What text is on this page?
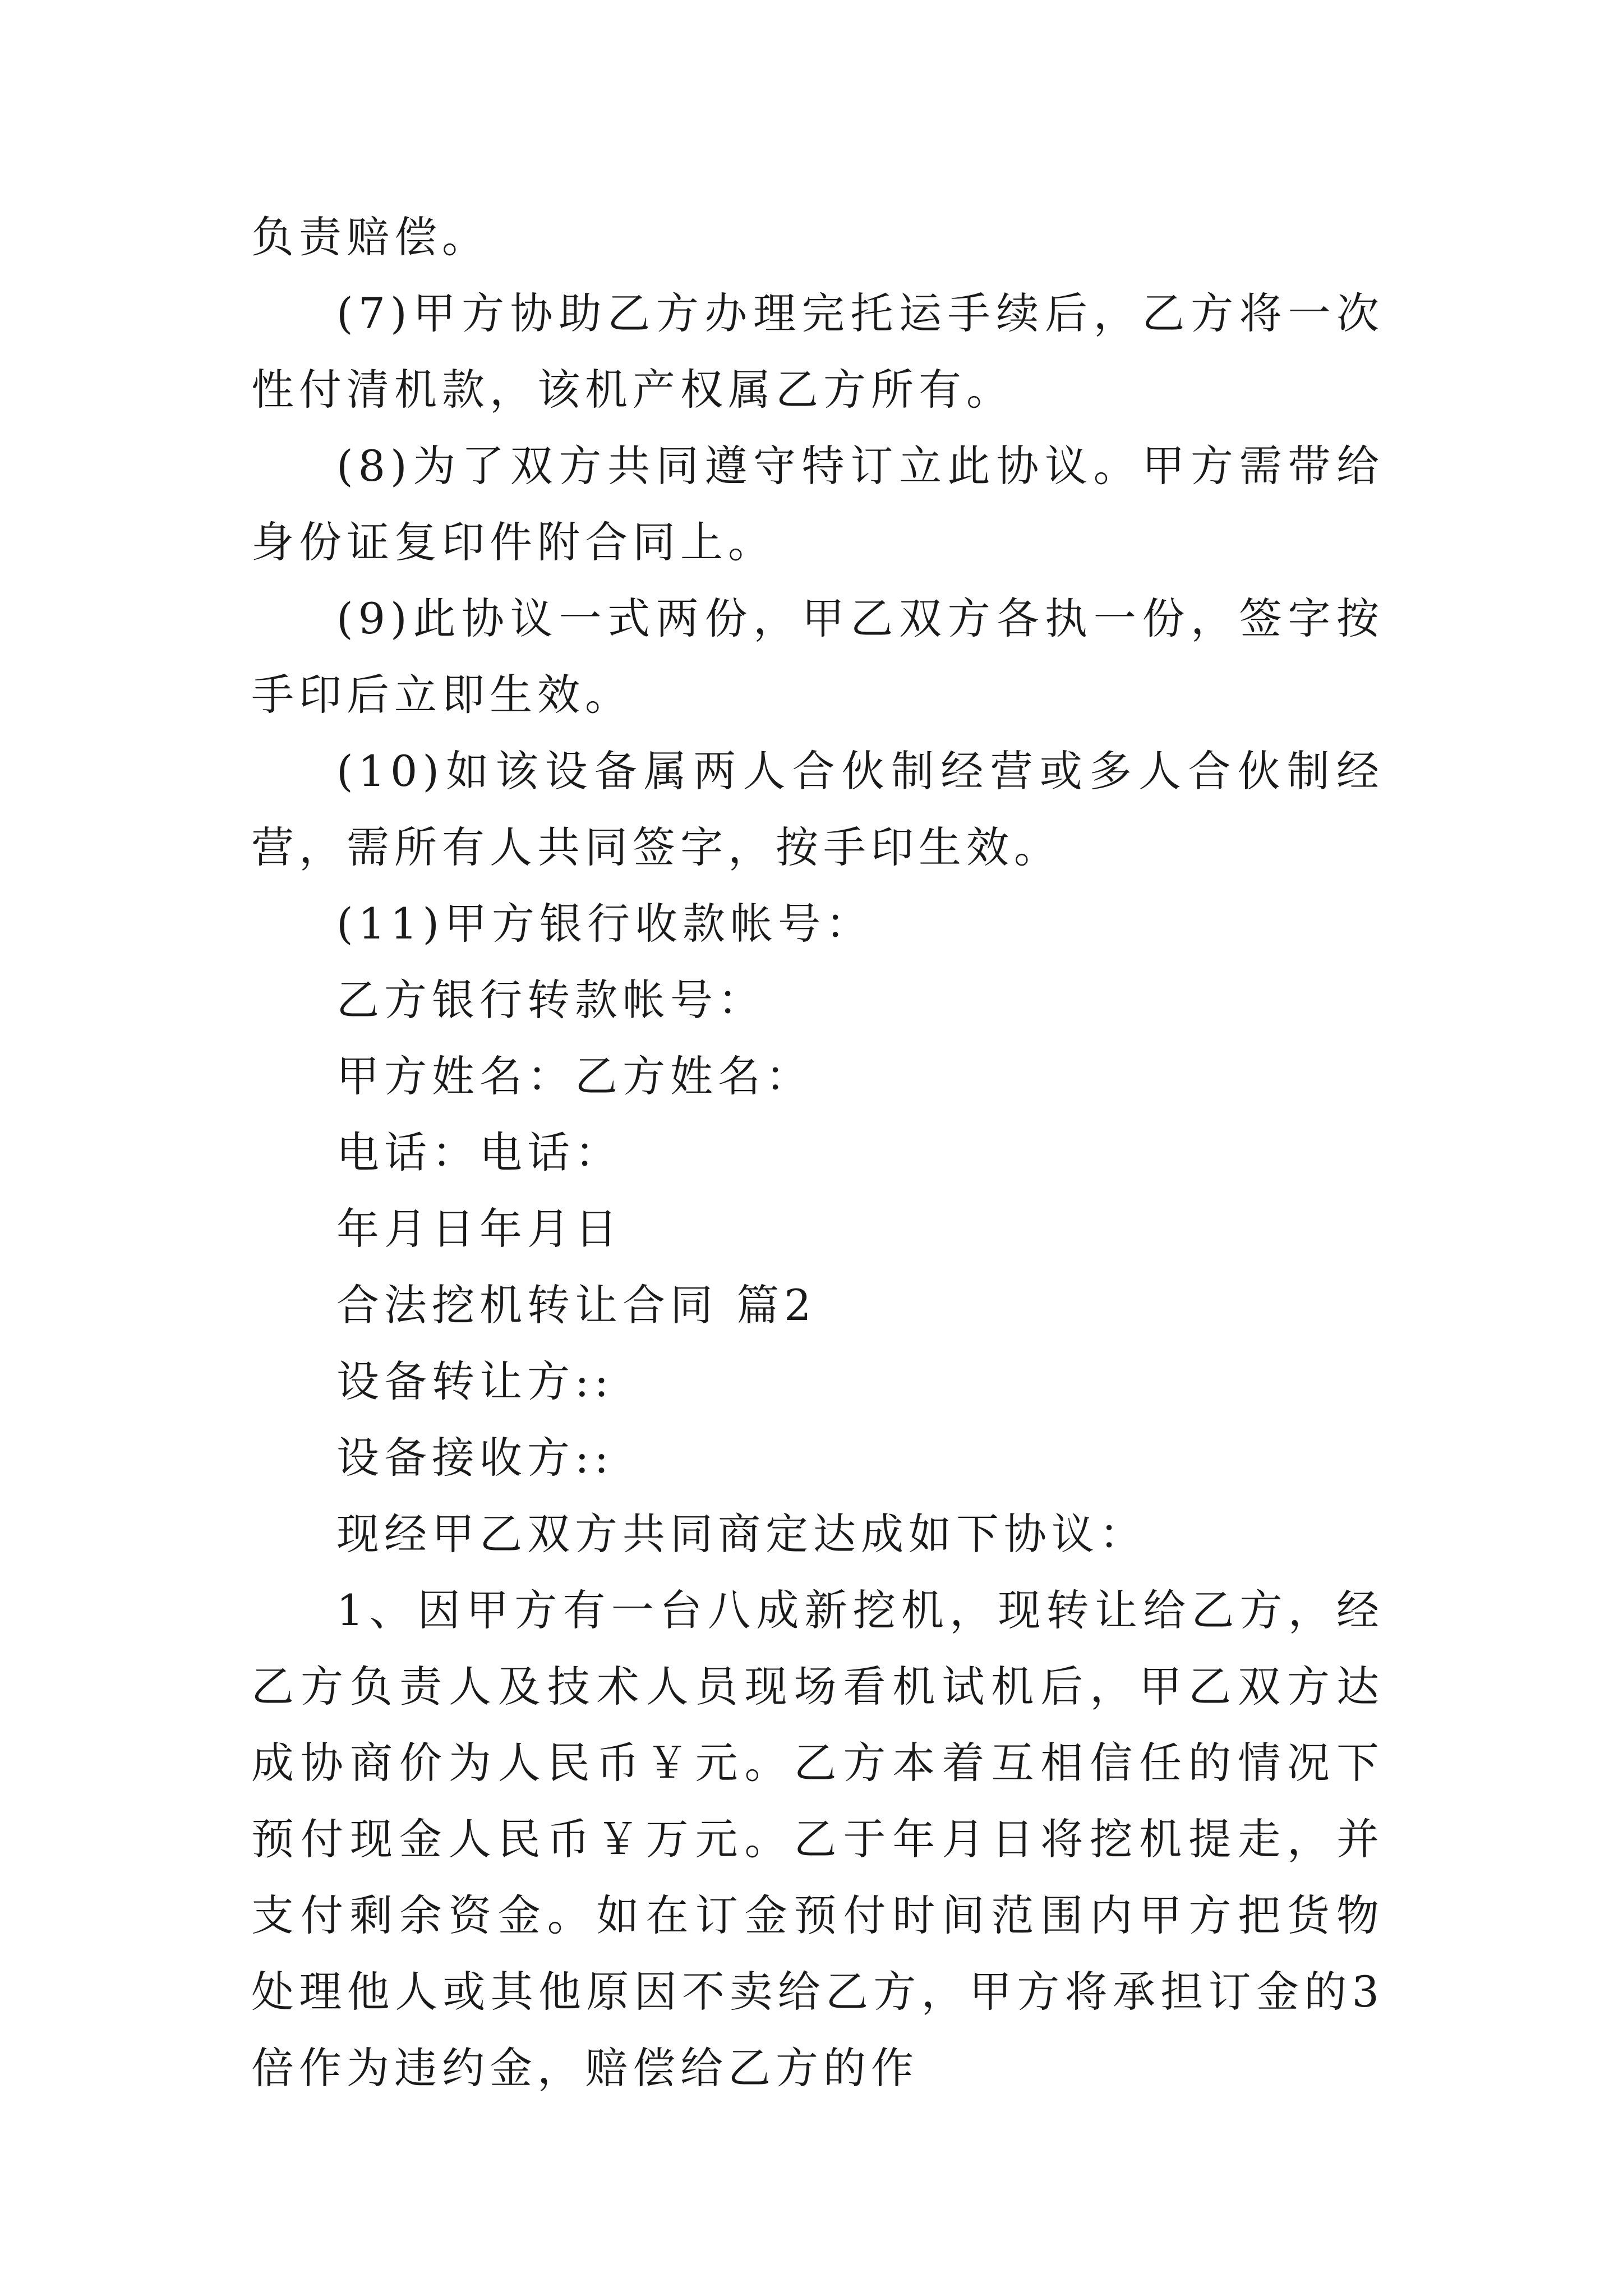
负责赔偿。

(7)甲方协助乙方办理完托运手续后，乙方将一次性付清机款，该机产权属乙方所有。

(8)为了双方共同遵守特订立此协议。甲方需带给身份证复印件附合同上。

(9)此协议一式两份，甲乙双方各执一份，签字按手印后立即生效。

(10)如该设备属两人合伙制经营或多人合伙制经营，需所有人共同签字，按手印生效。

(11)甲方银行收款帐号：

乙方银行转款帐号：

甲方姓名：乙方姓名：

电话：电话：

年月日年月日

合法挖机转让合同 篇2

设备转让方::

设备接收方::

现经甲乙双方共同商定达成如下协议：

1、因甲方有一台八成新挖机，现转让给乙方，经乙方负责人及技术人员现场看机试机后，甲乙双方达成协商价为人民币￥元。乙方本着互相信任的情况下预付现金人民币￥万元。乙于年月日将挖机提走，并支付剩余资金。如在订金预付时间范围内甲方把货物处理他人或其他原因不卖给乙方，甲方将承担订金的3倍作为违约金，赔偿给乙方的作
